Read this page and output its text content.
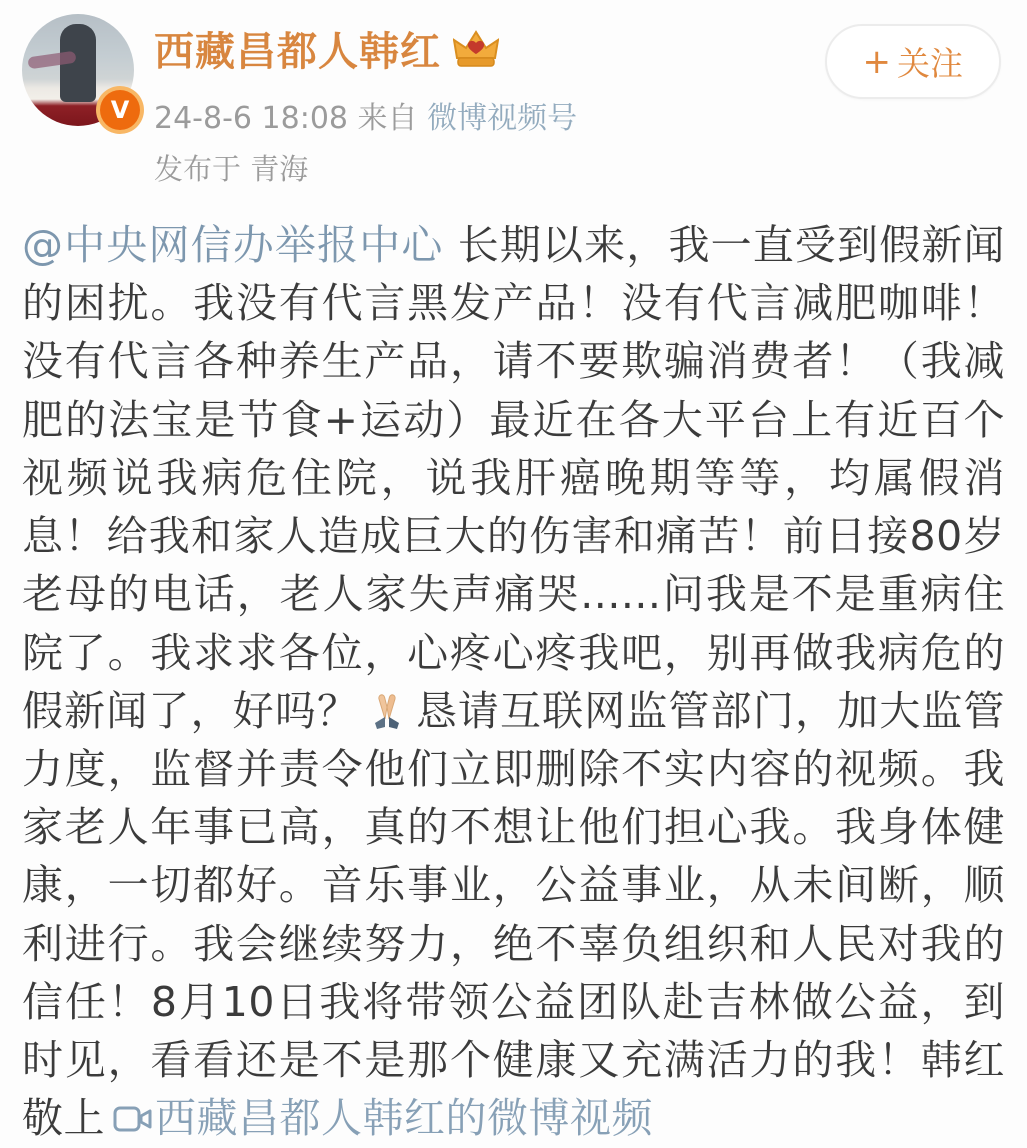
V
西藏昌都人韩红
24-8-6 18:08 来自 微博视频号
发布于 青海
+ 关注
@中央网信办举报中心 长期以来，我一直受到假新闻的困扰。我没有代言黑发产品！没有代言减肥咖啡！没有代言各种养生产品，请不要欺骗消费者！（我减肥的法宝是节食+运动）最近在各大平台上有近百个视频说我病危住院，说我肝癌晚期等等，均属假消息！给我和家人造成巨大的伤害和痛苦！前日接80岁老母的电话，老人家失声痛哭......问我是不是重病住院了。我求求各位，心疼心疼我吧，别再做我病危的假新闻了，好吗？ 恳请互联网监管部门，加大监管力度，监督并责令他们立即删除不实内容的视频。我家老人年事已高，真的不想让他们担心我。我身体健康，一切都好。音乐事业，公益事业，从未间断，顺利进行。我会继续努力，绝不辜负组织和人民对我的信任！8月10日我将带领公益团队赴吉林做公益，到时见，看看还是不是那个健康又充满活力的我！韩红 敬上 西藏昌都人韩红的微博视频
